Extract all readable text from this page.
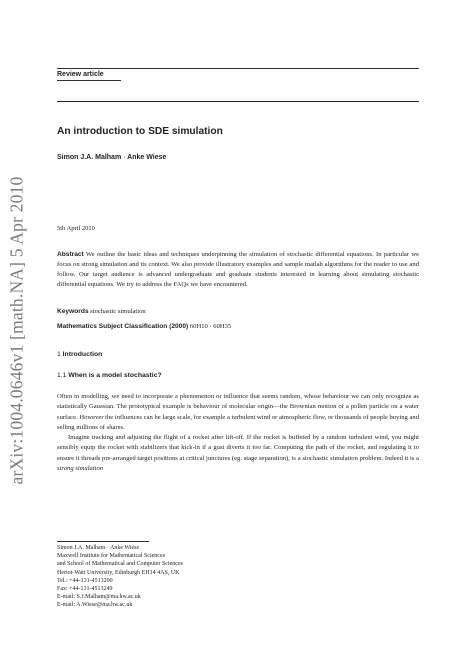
arXiv:1004.0646v1 [math.NA] 5 Apr 2010
Review article
An introduction to SDE simulation
Simon J.A. Malham · Anke Wiese
5th April 2010
Abstract We outline the basic ideas and techniques underpinning the simulation of stochastic differential equations. In particular we focus on strong simulation and its context. We also provide illustratory examples and sample matlab algorithms for the reader to use and follow. Our target audience is advanced undergraduate and graduate students interested in learning about simulating stochastic differential equations. We try to address the FAQs we have encountered.
Keywords stochastic simulation
Mathematics Subject Classification (2000) 60H10 · 60H35
1 Introduction
1.1 When is a model stochastic?

Often in modelling, we need to incorporate a phenomenon or influence that seems random, whose behaviour we can only recognize as statistically Gaussian. The prototypical example is behaviour of molecular origin—the Brownian motion of a pollen particle on a water surface. However the influences can be large scale, for example a turbulent wind or atmospheric flow, or thousands of people buying and selling millions of shares.

Imagine tracking and adjusting the flight of a rocket after lift-off. If the rocket is buffeted by a random turbulent wind, you might sensibly equip the rocket with stabilizers that kick-in if a gust diverts it too far. Computing the path of the rocket, and regulating it to ensure it threads pre-arranged target positions at critical junctures (eg. stage separation), is a stochastic simulation problem. Indeed it is a strong simulation

Simon J.A. Malham · Anke Wiese
Maxwell Institute for Mathematical Sciences
and School of Mathematical and Computer Sciences
Heriot-Watt University, Edinburgh EH14 4AS, UK
Tel.: +44-131-4513200
Fax: +44-131-4513249
E-mail: S.J.Malham@ma.hw.ac.uk
E-mail: A.Wiese@ma.hw.ac.uk
